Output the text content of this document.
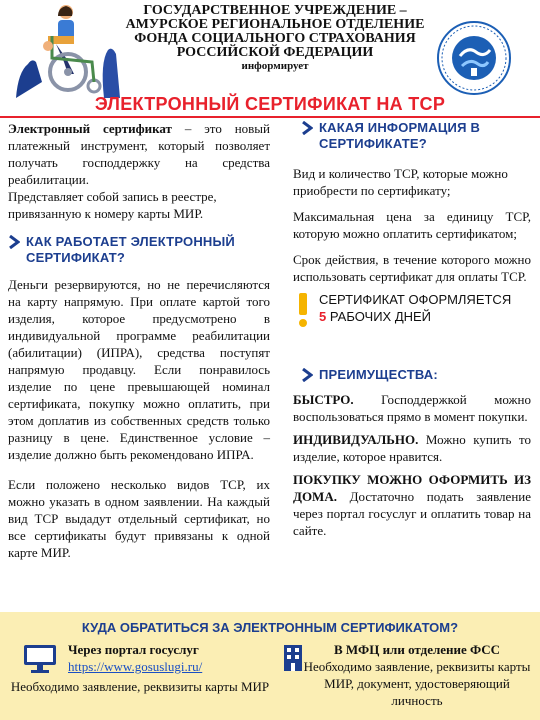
ГОСУДАРСТВЕННОЕ УЧРЕЖДЕНИЕ –
АМУРСКОЕ РЕГИОНАЛЬНОЕ ОТДЕЛЕНИЕ
ФОНДА СОЦИАЛЬНОГО СТРАХОВАНИЯ
РОССИЙСКОЙ ФЕДЕРАЦИИ
информирует
ЭЛЕКТРОННЫЙ СЕРТИФИКАТ НА ТСР

Электронный сертификат – это новый платежный инструмент, который позволяет получать господдержку на средства реабилитации.

Представляет собой запись в реестре, привязанную к номеру карты МИР.

КАК РАБОТАЕТ ЭЛЕКТРОННЫЙ СЕРТИФИКАТ?

Деньги резервируются, но не перечисляются на карту напрямую. При оплате картой того изделия, которое предусмотрено в индивидуальной программе реабилитации (абилитации) (ИПРА), средства поступят напрямую продавцу. Если понравилось изделие по цене превышающей номинал сертификата, покупку можно оплатить, при этом доплатив из собственных средств только разницу в цене. Единственное условие – изделие должно быть рекомендовано ИПРА.

Если положено несколько видов ТСР, их можно указать в одном заявлении. На каждый вид ТСР выдадут отдельный сертификат, но все сертификаты будут привязаны к одной карте МИР.

КАКАЯ ИНФОРМАЦИЯ В СЕРТИФИКАТЕ?

Вид и количество ТСР, которые можно приобрести по сертификату;

Максимальная цена за единицу ТСР, которую можно оплатить сертификатом;

Срок действия, в течение которого можно использовать сертификат для оплаты ТСР.

СЕРТИФИКАТ ОФОРМЛЯЕТСЯ
5 РАБОЧИХ ДНЕЙ
ПРЕИМУЩЕСТВА:

БЫСТРО. Господдержкой можно воспользоваться прямо в момент покупки.

ИНДИВИДУАЛЬНО. Можно купить то изделие, которое нравится.

ПОКУПКУ МОЖНО ОФОРМИТЬ ИЗ ДОМА. Достаточно подать заявление через портал госуслуг и оплатить товар на сайте.

КУДА ОБРАТИТЬСЯ ЗА ЭЛЕКТРОННЫМ СЕРТИФИКАТОМ?
Через портал госуслуг
https://www.gosuslugi.ru/
Необходимо заявление, реквизиты карты МИР
В МФЦ или отделение ФСС
Необходимо заявление, реквизиты карты МИР, документ, удостоверяющий личность
